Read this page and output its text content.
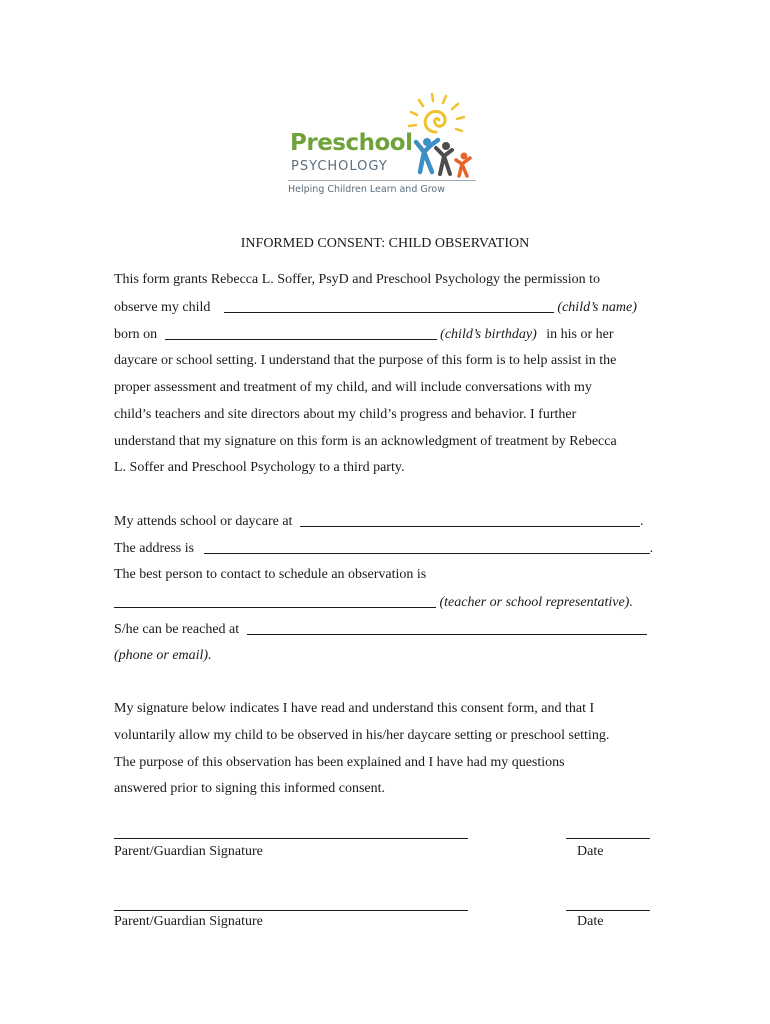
Preschool
PSYCHOLOGY
Helping Children Learn and Grow
INFORMED CONSENT: CHILD OBSERVATION
This form grants Rebecca L. Soffer, PsyD and Preschool Psychology the permission to
observe my child	(child’s name)
born on	(child’s birthday) in his or her
daycare or school setting. I understand that the purpose of this form is to help assist in the
proper assessment and treatment of my child, and will include conversations with my
child’s teachers and site directors about my child’s progress and behavior. I further
understand that my signature on this form is an acknowledgment of treatment by Rebecca
L. Soffer and Preschool Psychology to a third party.
My attends school or daycare at	.
The address is	.
The best person to contact to schedule an observation is
(teacher or school representative).
S/he can be reached at
(phone or email).
My signature below indicates I have read and understand this consent form, and that I
voluntarily allow my child to be observed in his/her daycare setting or preschool setting.
The purpose of this observation has been explained and I have had my questions
answered prior to signing this informed consent.
Parent/Guardian Signature	Date
Parent/Guardian Signature	Date
